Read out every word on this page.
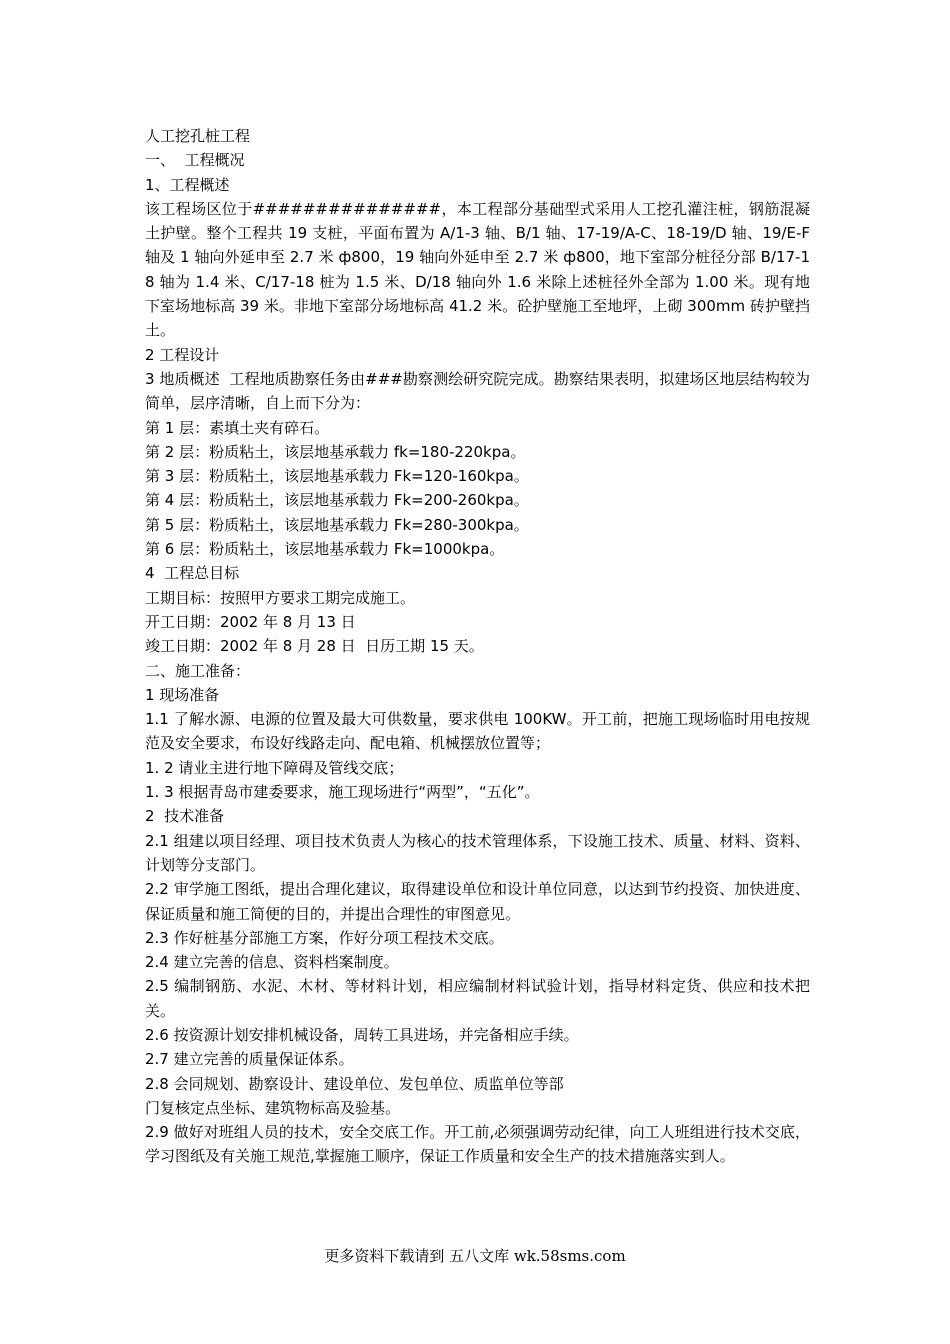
人工挖孔桩工程

一、  工程概况

1、工程概述

该工程场区位于###############，本工程部分基础型式采用人工挖孔灌注桩，钢筋混凝土护壁。整个工程共 19 支桩，平面布置为 A/1-3 轴、B/1 轴、17-19/A-C、18-19/D 轴、19/E-F 轴及 1 轴向外延申至 2.7 米 ф800，19 轴向外延申至 2.7 米 ф800，地下室部分桩径分部 B/17-18 轴为 1.4 米、C/17-18 桩为 1.5 米、D/18 轴向外 1.6 米除上述桩径外全部为 1.00 米。现有地下室场地标高 39 米。非地下室部分场地标高 41.2 米。砼护壁施工至地坪，上砌 300mm 砖护壁挡土。

2 工程设计

3 地质概述  工程地质勘察任务由###勘察测绘研究院完成。勘察结果表明，拟建场区地层结构较为简单，层序清晰，自上而下分为：

第 1 层：素填土夹有碎石。

第 2 层：粉质粘土，该层地基承载力 fk=180-220kpa。

第 3 层：粉质粘土，该层地基承载力 Fk=120-160kpa。

第 4 层：粉质粘土，该层地基承载力 Fk=200-260kpa。

第 5 层：粉质粘土，该层地基承载力 Fk=280-300kpa。

第 6 层：粉质粘土，该层地基承载力 Fk=1000kpa。

4  工程总目标

工期目标：按照甲方要求工期完成施工。

开工日期：2002 年 8 月 13 日

竣工日期：2002 年 8 月 28 日  日历工期 15 天。

二、施工准备：

1 现场准备

1.1 了解水源、电源的位置及最大可供数量，要求供电 100KW。开工前，把施工现场临时用电按规范及安全要求，布设好线路走向、配电箱、机械摆放位置等；

1. 2 请业主进行地下障碍及管线交底；

1. 3 根据青岛市建委要求，施工现场进行“两型”，“五化”。

2  技术准备

2.1 组建以项目经理、项目技术负责人为核心的技术管理体系，下设施工技术、质量、材料、资料、计划等分支部门。

2.2 审学施工图纸，提出合理化建议，取得建设单位和设计单位同意，以达到节约投资、加快进度、保证质量和施工简便的目的，并提出合理性的审图意见。

2.3 作好桩基分部施工方案，作好分项工程技术交底。

2.4 建立完善的信息、资料档案制度。

2.5 编制钢筋、水泥、木材、等材料计划，相应编制材料试验计划，指导材料定货、供应和技术把关。

2.6 按资源计划安排机械设备，周转工具进场，并完备相应手续。

2.7 建立完善的质量保证体系。

2.8 会同规划、勘察设计、建设单位、发包单位、质监单位等部

门复核定点坐标、建筑物标高及验基。

2.9 做好对班组人员的技术，安全交底工作。开工前,必须强调劳动纪律，向工人班组进行技术交底，学习图纸及有关施工规范,掌握施工顺序，保证工作质量和安全生产的技术措施落实到人。

更多资料下载请到 五八文库 wk.58sms.com
